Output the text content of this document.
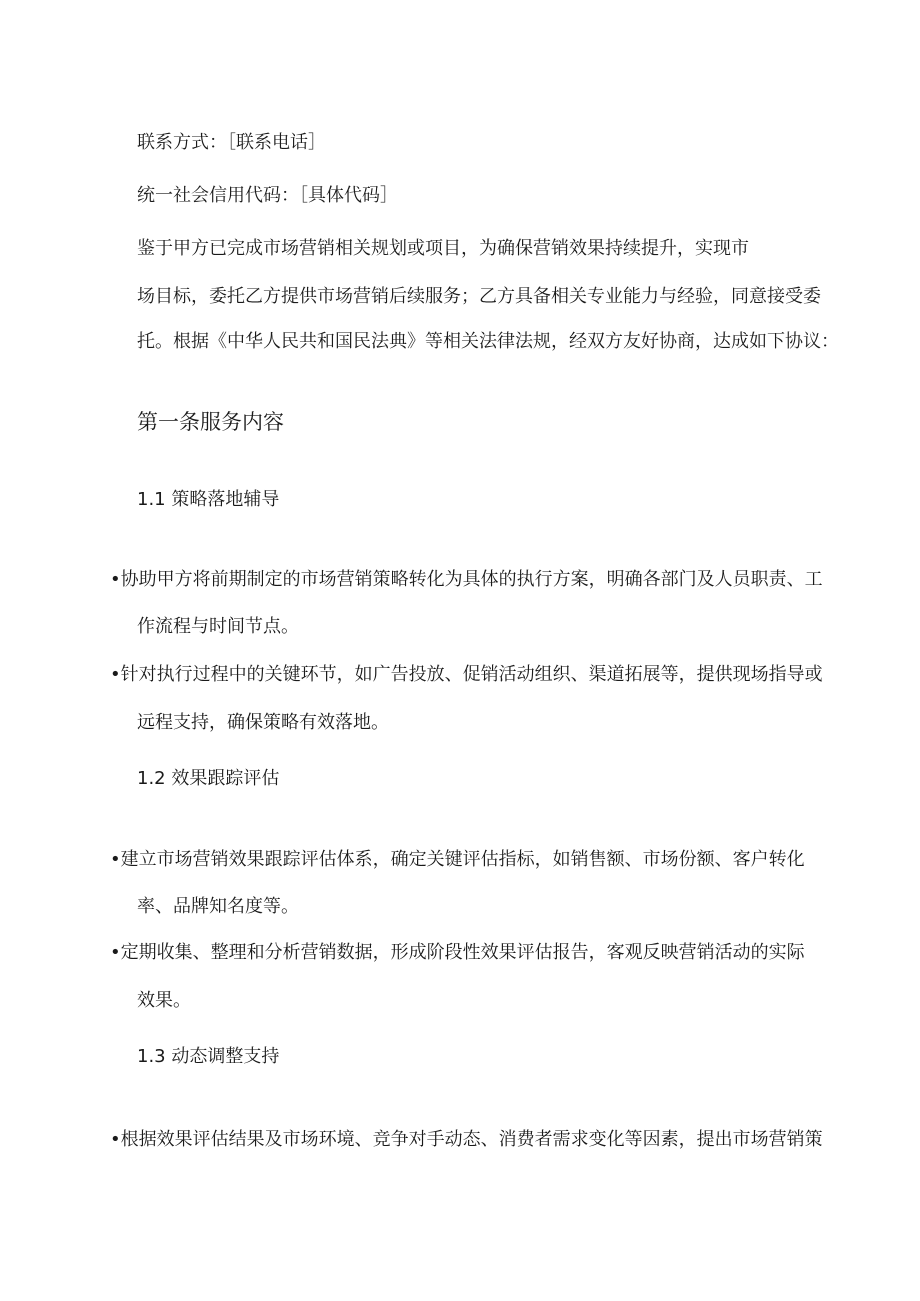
联系方式：［联系电话］
统一社会信用代码：［具体代码］
鉴于甲方已完成市场营销相关规划或项目，为确保营销效果持续提升，实现市
场目标，委托乙方提供市场营销后续服务；乙方具备相关专业能力与经验，同意接受委
托。根据《中华人民共和国民法典》等相关法律法规，经双方友好协商，达成如下协议：
第一条服务内容
1.1 策略落地辅导
•协助甲方将前期制定的市场营销策略转化为具体的执行方案，明确各部门及人员职责、工
作流程与时间节点。
•针对执行过程中的关键环节，如广告投放、促销活动组织、渠道拓展等，提供现场指导或
远程支持，确保策略有效落地。
1.2 效果跟踪评估
•建立市场营销效果跟踪评估体系，确定关键评估指标，如销售额、市场份额、客户转化
率、品牌知名度等。
•定期收集、整理和分析营销数据，形成阶段性效果评估报告，客观反映营销活动的实际
效果。
1.3 动态调整支持
•根据效果评估结果及市场环境、竞争对手动态、消费者需求变化等因素，提出市场营销策
